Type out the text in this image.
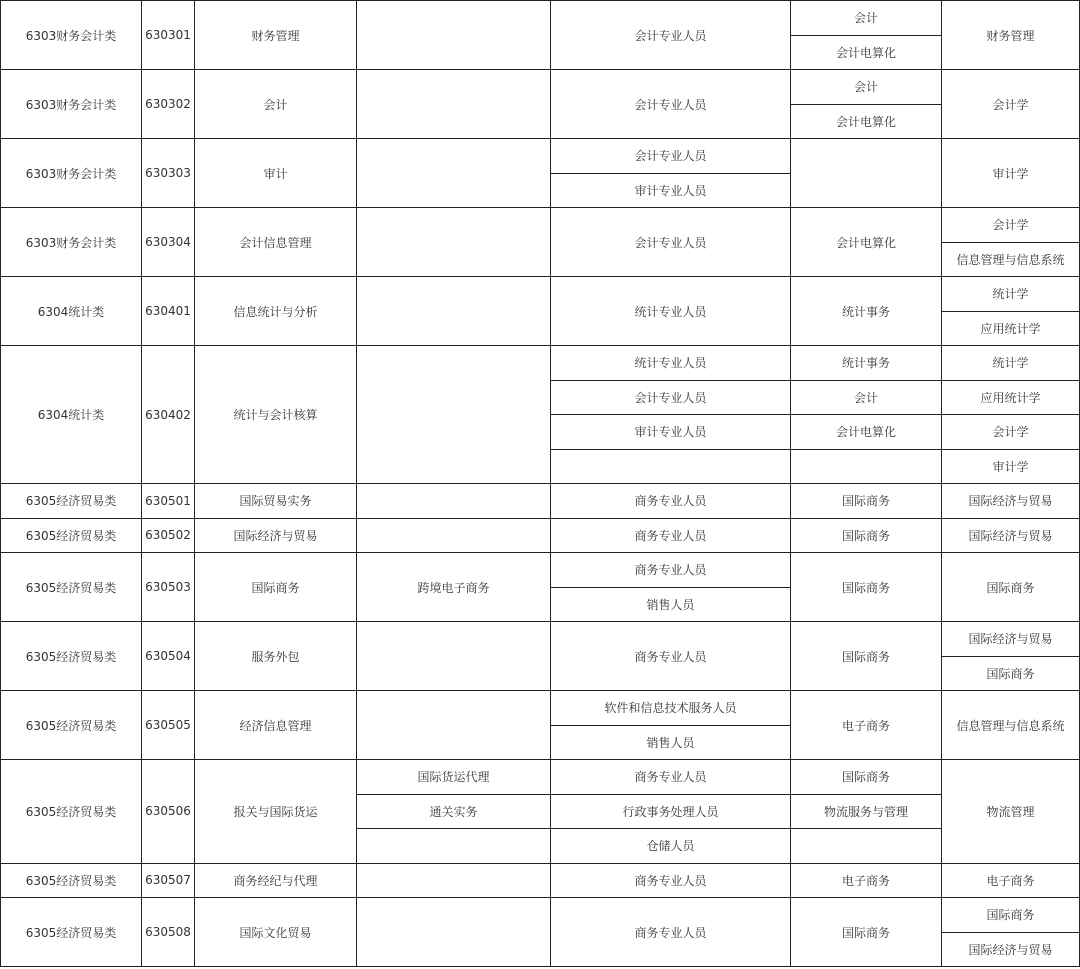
6303财务会计类	630301	财务管理		会计专业人员	会计	财务管理
					会计电算化	
6303财务会计类	630302	会计		会计专业人员	会计	会计学
					会计电算化	
6303财务会计类	630303	审计		会计专业人员		审计学
				审计专业人员		
6303财务会计类	630304	会计信息管理		会计专业人员	会计电算化	会计学
						信息管理与信息系统
6304统计类	630401	信息统计与分析		统计专业人员	统计事务	统计学
						应用统计学
6304统计类	630402	统计与会计核算		统计专业人员	统计事务	统计学
				会计专业人员	会计	应用统计学
				审计专业人员	会计电算化	会计学
						审计学
6305经济贸易类	630501	国际贸易实务		商务专业人员	国际商务	国际经济与贸易
6305经济贸易类	630502	国际经济与贸易		商务专业人员	国际商务	国际经济与贸易
6305经济贸易类	630503	国际商务	跨境电子商务	商务专业人员	国际商务	国际商务
				销售人员		
6305经济贸易类	630504	服务外包		商务专业人员	国际商务	国际经济与贸易
						国际商务
6305经济贸易类	630505	经济信息管理		软件和信息技术服务人员	电子商务	信息管理与信息系统
				销售人员		
6305经济贸易类	630506	报关与国际货运	国际货运代理	商务专业人员	国际商务	物流管理
			通关实务	行政事务处理人员	物流服务与管理	
				仓储人员		
6305经济贸易类	630507	商务经纪与代理		商务专业人员	电子商务	电子商务
6305经济贸易类	630508	国际文化贸易		商务专业人员	国际商务	国际商务
						国际经济与贸易
